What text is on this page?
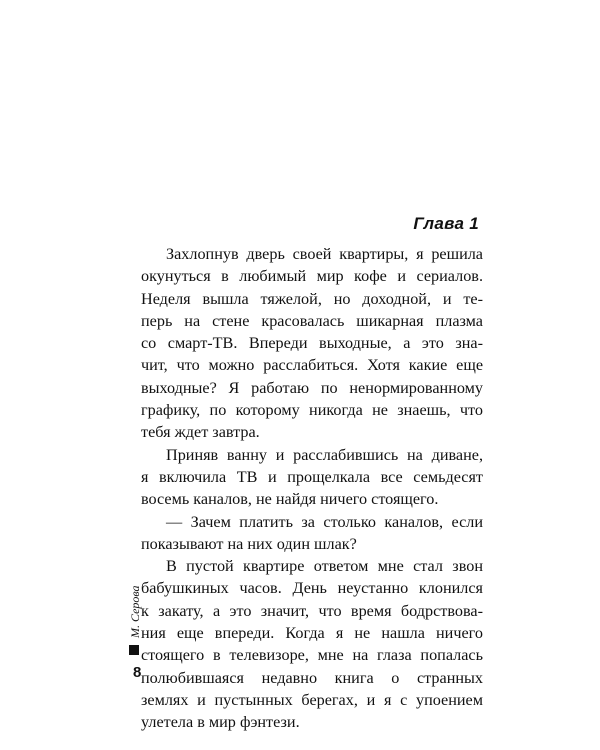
Глава 1
Захлопнув дверь своей квартиры, я решила
окунуться в любимый мир кофе и сериалов.
Неделя вышла тяжелой, но доходной, и те-
перь на стене красовалась шикарная плазма
со смарт-ТВ. Впереди выходные, а это зна-
чит, что можно расслабиться. Хотя какие еще
выходные? Я работаю по ненормированному
графику, по которому никогда не знаешь, что
тебя ждет завтра.
Приняв ванну и расслабившись на диване,
я включила ТВ и прощелкала все семьдесят
восемь каналов, не найдя ничего стоящего.
— Зачем платить за столько каналов, если
показывают на них один шлак?
В пустой квартире ответом мне стал звон
бабушкиных часов. День неустанно клонился
к закату, а это значит, что время бодрствова-
ния еще впереди. Когда я не нашла ничего
стоящего в телевизоре, мне на глаза попалась
полюбившаяся недавно книга о странных
землях и пустынных берегах, и я с упоением
улетела в мир фэнтези.
М. Серова
8
